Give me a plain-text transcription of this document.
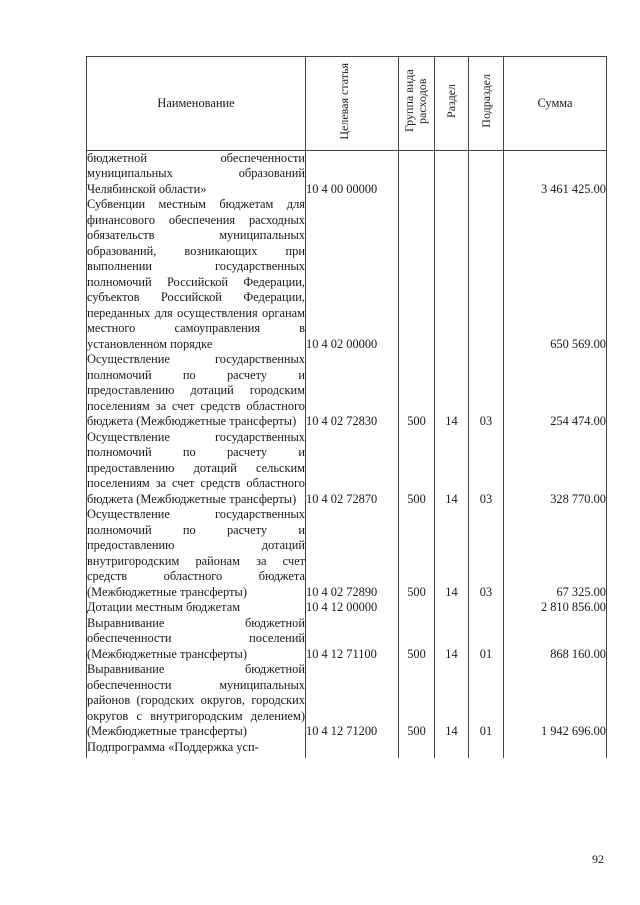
Наименование	Целевая статья	Группа вида расходов	Раздел	Подраздел	Сумма
бюджетной обеспеченности муниципальных образований Челябинской области»	10 4 00 00000				3 461 425.00
Субвенции местным бюджетам для финансового обеспечения расходных обязательств муниципальных образований, возникающих при выполнении государственных полномочий Российской Федерации, субъектов Российской Федерации, переданных для осуществления органам местного самоуправления в установленном порядке	10 4 02 00000				650 569.00
Осуществление государственных полномочий по расчету и предоставлению дотаций городским поселениям за счет средств областного бюджета (Межбюджетные трансферты)	10 4 02 72830	500	14	03	254 474.00
Осуществление государственных полномочий по расчету и предоставлению дотаций сельским поселениям за счет средств областного бюджета (Межбюджетные трансферты)	10 4 02 72870	500	14	03	328 770.00
Осуществление государственных полномочий по расчету и предоставлению дотаций внутригородским районам за счет средств областного бюджета (Межбюджетные трансферты)	10 4 02 72890	500	14	03	67 325.00
Дотации местным бюджетам	10 4 12 00000				2 810 856.00
Выравнивание бюджетной обеспеченности поселений (Межбюджетные трансферты)	10 4 12 71100	500	14	01	868 160.00
Выравнивание бюджетной обеспеченности муниципальных районов (городских округов, городских округов с внутригородским делением) (Межбюджетные трансферты)	10 4 12 71200	500	14	01	1 942 696.00
Подпрограмма «Поддержка усп-					
92
